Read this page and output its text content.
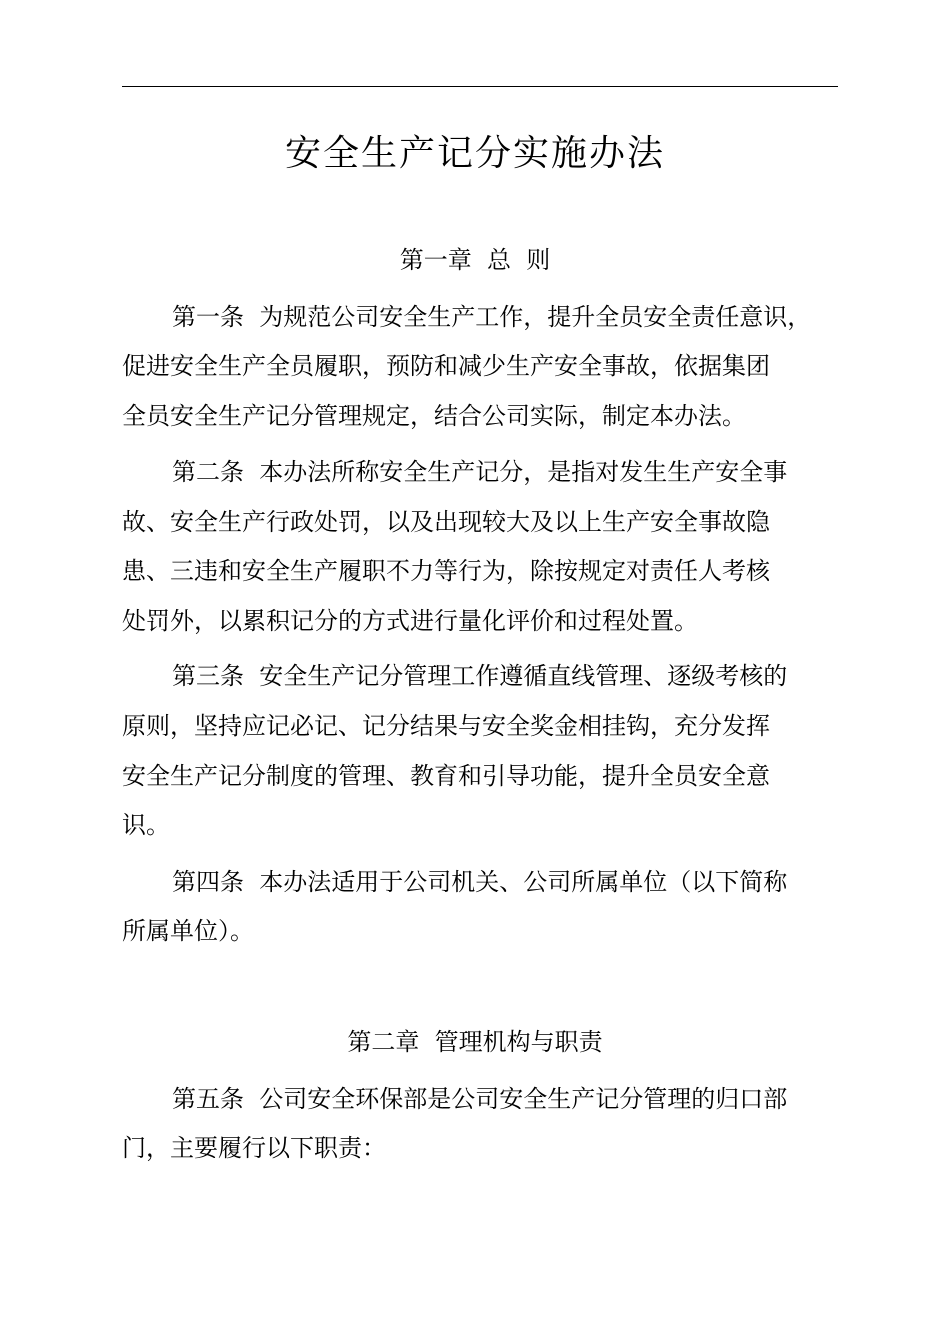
安全生产记分实施办法
第一章  总  则
第一条  为规范公司安全生产工作，提升全员安全责任意识，
促进安全生产全员履职，预防和减少生产安全事故，依据集团
全员安全生产记分管理规定，结合公司实际，制定本办法。
第二条  本办法所称安全生产记分，是指对发生生产安全事
故、安全生产行政处罚，以及出现较大及以上生产安全事故隐
患、三违和安全生产履职不力等行为，除按规定对责任人考核
处罚外，以累积记分的方式进行量化评价和过程处置。
第三条  安全生产记分管理工作遵循直线管理、逐级考核的
原则，坚持应记必记、记分结果与安全奖金相挂钩，充分发挥
安全生产记分制度的管理、教育和引导功能，提升全员安全意
识。
第四条  本办法适用于公司机关、公司所属单位（以下简称
所属单位）。
第二章  管理机构与职责
第五条  公司安全环保部是公司安全生产记分管理的归口部
门，主要履行以下职责：
